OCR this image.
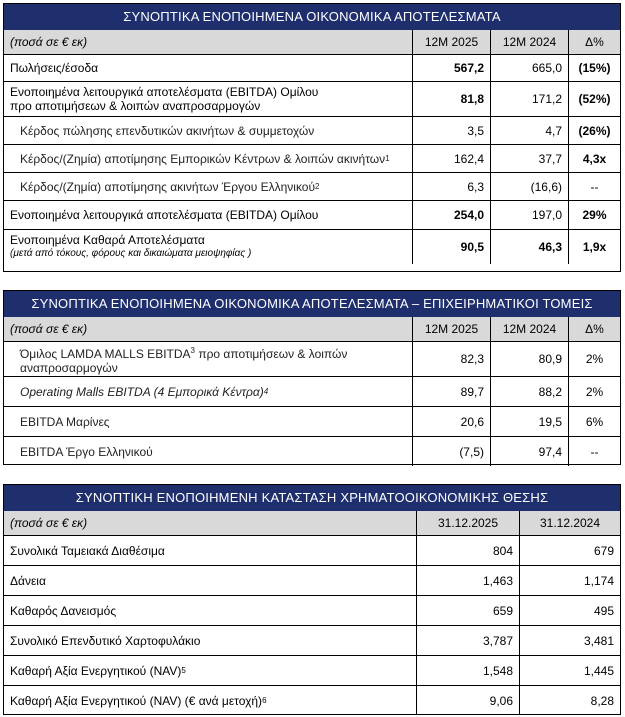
ΣΥΝΟΠΤΙΚΑ ΕΝΟΠΟΙΗΜΕΝΑ ΟΙΚΟΝΟΜΙΚΑ ΑΠΟΤΕΛΕΣΜΑΤΑ
(ποσά σε € εκ)	12M 2025	12M 2024	Δ%
Πωλήσεις/έσοδα	567,2	665,0	(15%)
Ενοποιημένα λειτουργικά αποτελέσματα (EBITDA) Ομίλου
προ αποτιμήσεων & λοιπών αναπροσαρμογών	81,8	171,2	(52%)
Κέρδος πώλησης επενδυτικών ακινήτων & συμμετοχών	3,5	4,7	(26%)
Κέρδος/(Ζημία) αποτίμησης Εμπορικών Κέντρων & λοιπών ακινήτων 1	162,4	37,7	4,3x
Κέρδος/(Ζημία) αποτίμησης ακινήτων Έργου Ελληνικού 2	6,3	(16,6)	--
Ενοποιημένα λειτουργικά αποτελέσματα (EBITDA) Ομίλου	254,0	197,0	29%
Ενοποιημένα Καθαρά Αποτελέσματα
(μετά από τόκους, φόρους και δικαιώματα μειοψηφίας )	90,5	46,3	1,9x
ΣΥΝΟΠΤΙΚΑ ΕΝΟΠΟΙΗΜΕΝΑ ΟΙΚΟΝΟΜΙΚΑ ΑΠΟΤΕΛΕΣΜΑΤΑ – ΕΠΙΧΕΙΡΗΜΑΤΙΚΟΙ ΤΟΜΕΙΣ
(ποσά σε € εκ)	12M 2025	12M 2024	Δ%
Όμιλος LAMDA MALLS EBITDA$^3$ προ αποτιμήσεων & λοιπών
αναπροσαρμογών
82,3	80,9	2%
Operating Malls EBITDA (4 Εμπορικά Κέντρα) 4	89,7	88,2	2%
EBITDA Μαρίνες	20,6	19,5	6%
EBITDA Έργο Ελληνικού	(7,5)	97,4	--
ΣΥΝΟΠΤΙΚΗ ΕΝΟΠΟΙΗΜΕΝΗ ΚΑΤΑΣΤΑΣΗ ΧΡΗΜΑΤΟΟΙΚΟΝΟΜΙΚΗΣ ΘΕΣΗΣ
(ποσά σε € εκ)	31.12.2025	31.12.2024
Συνολικά Ταμειακά Διαθέσιμα	804	679
Δάνεια	1,463	1,174
Καθαρός Δανεισμός	659	495
Συνολικό Επενδυτικό Χαρτοφυλάκιο	3,787	3,481
Καθαρή Αξία Ενεργητικού (NAV) 5	1,548	1,445
Καθαρή Αξία Ενεργητικού (NAV) (€ ανά μετοχή) 6	9,06	8,28
